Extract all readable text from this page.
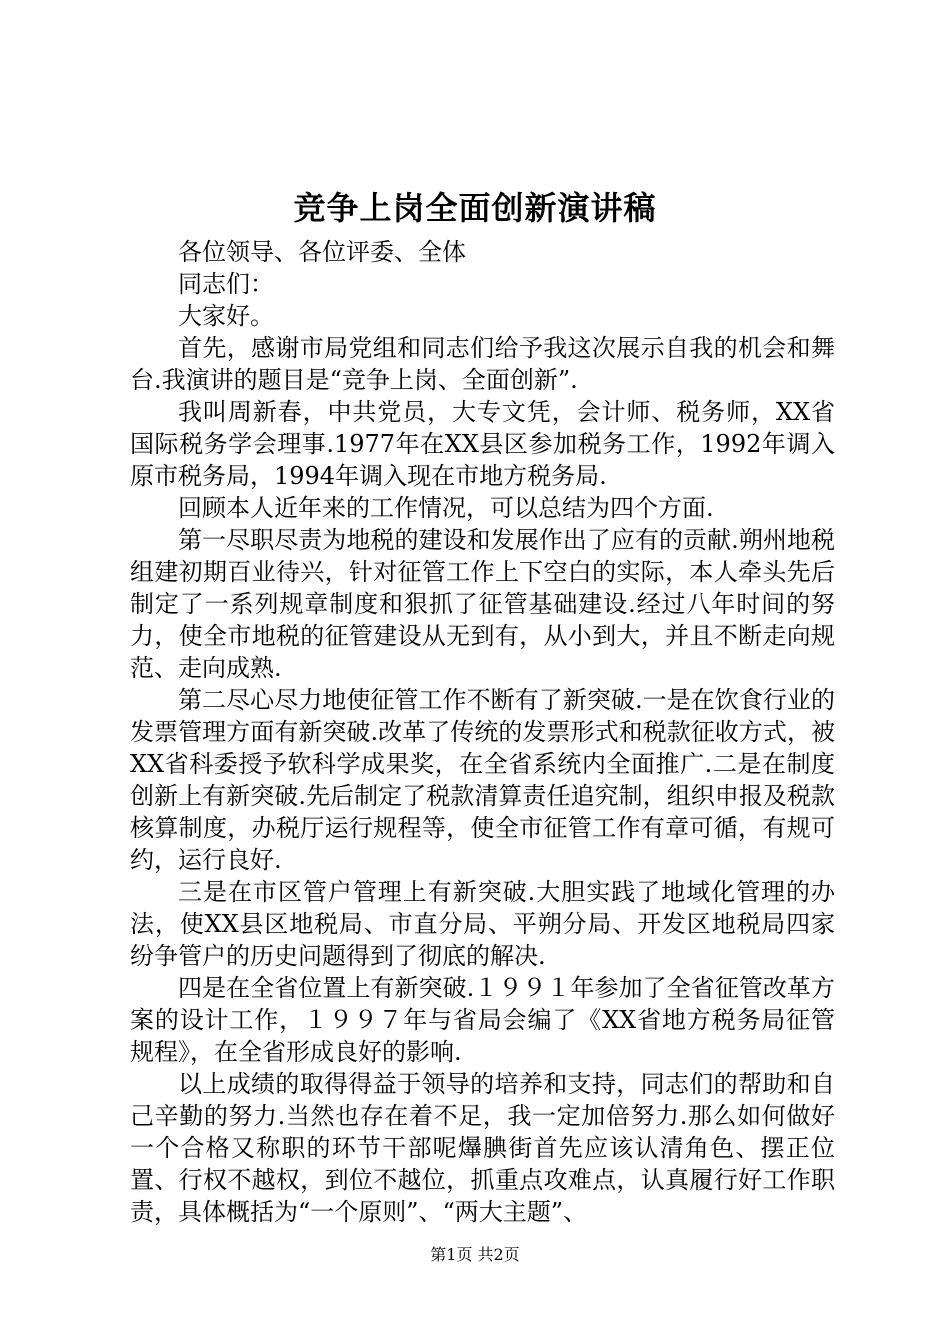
竞争上岗全面创新演讲稿

各位领导、各位评委、全体

同志们：

大家好。

首先，感谢市局党组和同志们给予我这次展示自我的机会和舞台.我演讲的题目是“竞争上岗、全面创新”.

我叫周新春，中共党员，大专文凭，会计师、税务师，XX省国际税务学会理事.1977年在XX县区参加税务工作，1992年调入原市税务局，1994年调入现在市地方税务局.

回顾本人近年来的工作情况，可以总结为四个方面.

第一尽职尽责为地税的建设和发展作出了应有的贡献.朔州地税组建初期百业待兴，针对征管工作上下空白的实际，本人牵头先后制定了一系列规章制度和狠抓了征管基础建设.经过八年时间的努力，使全市地税的征管建设从无到有，从小到大，并且不断走向规范、走向成熟.

第二尽心尽力地使征管工作不断有了新突破.一是在饮食行业的发票管理方面有新突破.改革了传统的发票形式和税款征收方式，被XX省科委授予软科学成果奖，在全省系统内全面推广.二是在制度创新上有新突破.先后制定了税款清算责任追究制，组织申报及税款核算制度，办税厅运行规程等，使全市征管工作有章可循，有规可约，运行良好.

三是在市区管户管理上有新突破.大胆实践了地域化管理的办法，使XX县区地税局、市直分局、平朔分局、开发区地税局四家纷争管户的历史问题得到了彻底的解决.

四是在全省位置上有新突破.１９９１年参加了全省征管改革方案的设计工作，１９９７年与省局会编了《XX省地方税务局征管规程》，在全省形成良好的影响.

以上成绩的取得得益于领导的培养和支持，同志们的帮助和自己辛勤的努力.当然也存在着不足，我一定加倍努力.那么如何做好一个合格又称职的环节干部呢爗腆街首先应该认清角色、摆正位置、行权不越权，到位不越位，抓重点攻难点，认真履行好工作职责，具体概括为“一个原则”、“两大主题”、

第1页 共2页
